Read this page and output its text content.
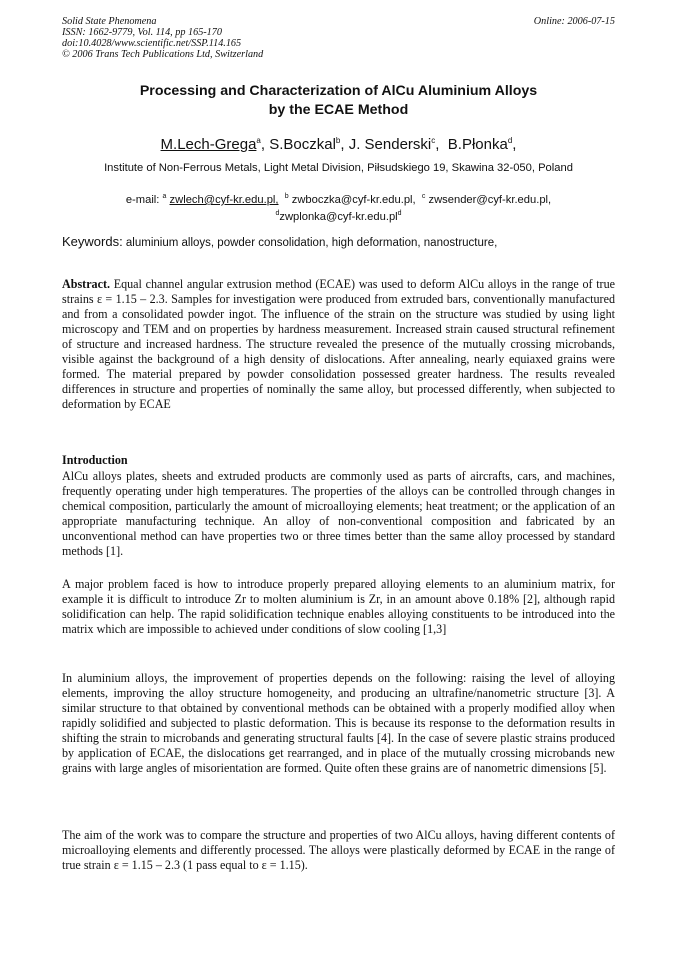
Solid State Phenomena
ISSN: 1662-9779, Vol. 114, pp 165-170
doi:10.4028/www.scientific.net/SSP.114.165
© 2006 Trans Tech Publications Ltd, Switzerland
Online: 2006-07-15
Processing and Characterization of AlCu Aluminium Alloys
by the ECAE Method
M.Lech-Grega$^a$, S.Boczkal$^b$, J. Senderski$^c$,  B.Płonka$^d$,
Institute of Non-Ferrous Metals, Light Metal Division, Piłsudskiego 19, Skawina 32-050, Poland
e-mail: $^a$ zwlech@cyf-kr.edu.pl, $^b$ zwboczka@cyf-kr.edu.pl, $^c$ zwsender@cyf-kr.edu.pl,
$^dzwplonka@cyf-kr.edu.pl^d$
Keywords: aluminium alloys, powder consolidation, high deformation, nanostructure,
Abstract. Equal channel angular extrusion method (ECAE) was used to deform AlCu alloys in the range of true strains ε = 1.15 – 2.3. Samples for investigation were produced from extruded bars, conventionally manufactured and from a consolidated powder ingot. The influence of the strain on the structure was studied by using light microscopy and TEM and on properties by hardness measurement. Increased strain caused structural refinement of structure and increased hardness. The structure revealed the presence of the mutually crossing microbands, visible against the background of a high density of dislocations. After annealing, nearly equiaxed grains were formed. The material prepared by powder consolidation possessed greater hardness. The results revealed differences in structure and properties of nominally the same alloy, but processed differently, when subjected to deformation by ECAE
Introduction
AlCu alloys plates, sheets and extruded products are commonly used as parts of aircrafts, cars, and machines, frequently operating under high temperatures. The properties of the alloys can be controlled through changes in chemical composition, particularly the amount of microalloying elements; heat treatment; or the application of an appropriate manufacturing technique. An alloy of non-conventional composition and fabricated by an unconventional method can have properties two or three times better than the same alloy processed by standard methods [1].
A major problem faced is how to introduce properly prepared alloying elements to an aluminium matrix, for example it is difficult to introduce Zr to molten aluminium is Zr, in an amount above 0.18% [2], although rapid solidification can help. The rapid solidification technique enables alloying constituents to be introduced into the matrix which are impossible to achieved under conditions of slow cooling [1,3]
In aluminium alloys, the improvement of properties depends on the following: raising the level of alloying elements, improving the alloy structure homogeneity, and producing an ultrafine/nanometric structure [3]. A similar structure to that obtained by conventional methods can be obtained with a properly modified alloy when rapidly solidified and subjected to plastic deformation. This is because its response to the deformation results in shifting the strain to microbands and generating structural faults [4]. In the case of severe plastic strains produced by application of ECAE, the dislocations get rearranged, and in place of the mutually crossing microbands new grains with large angles of misorientation are formed. Quite often these grains are of nanometric dimensions [5].
The aim of the work was to compare the structure and properties of two AlCu alloys, having different contents of microalloying elements and differently processed. The alloys were plastically deformed by ECAE in the range of true strain ε = 1.15 – 2.3 (1 pass equal to ε = 1.15).
